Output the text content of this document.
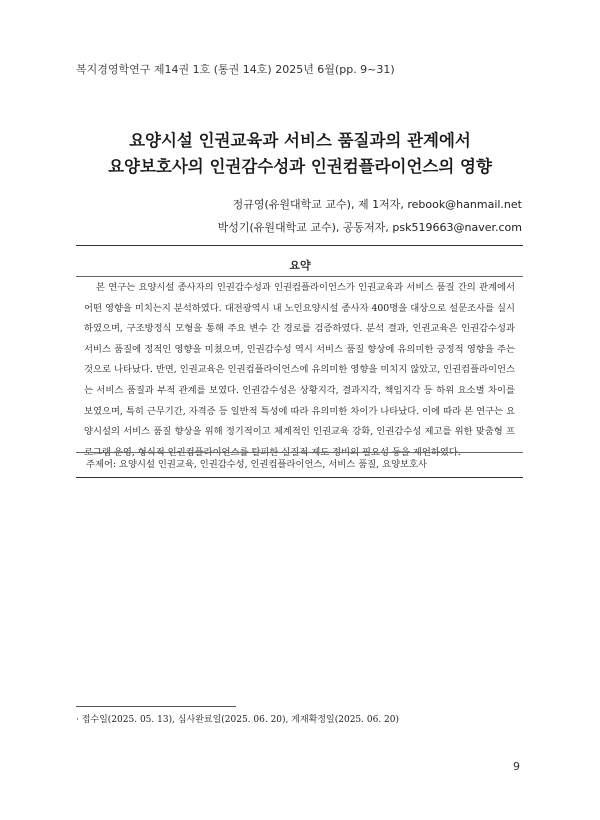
복지경영학연구 제14권 1호 (통권 14호) 2025년 6월(pp. 9~31)
요양시설 인권교육과 서비스 품질과의 관계에서
요양보호사의 인권감수성과 인권컴플라이언스의 영향
정규영(유원대학교 교수), 제 1저자, rebook@hanmail.net
박성기(유원대학교 교수), 공동저자, psk519663@naver.com
요약

본 연구는 요양시설 종사자의 인권감수성과 인권컴플라이언스가 인권교육과 서비스 품질 간의 관계에서 어떤 영향을 미치는지 분석하였다. 대전광역시 내 노인요양시설 종사자 400명을 대상으로 설문조사를 실시하였으며, 구조방정식 모형을 통해 주요 변수 간 경로를 검증하였다. 분석 결과, 인권교육은 인권감수성과 서비스 품질에 정적인 영향을 미쳤으며, 인권감수성 역시 서비스 품질 향상에 유의미한 긍정적 영향을 주는 것으로 나타났다. 반면, 인권교육은 인권컴플라이언스에 유의미한 영향을 미치지 않았고, 인권컴플라이언스는 서비스 품질과 부적 관계를 보였다. 인권감수성은 상황지각, 결과지각, 책임지각 등 하위 요소별 차이를 보였으며, 특히 근무기간, 자격증 등 일반적 특성에 따라 유의미한 차이가 나타났다. 이에 따라 본 연구는 요양시설의 서비스 품질 향상을 위해 정기적이고 체계적인 인권교육 강화, 인권감수성 제고를 위한 맞춤형 프로그램 운영, 형식적 인권컴플라이언스를 탈피한 실질적 제도 정비의 필요성 등을 제언하였다.

주제어: 요양시설 인권교육, 인권감수성, 인권컴플라이언스, 서비스 품질, 요양보호사
· 접수일(2025. 05. 13), 심사완료일(2025. 06. 20), 게재확정일(2025. 06. 20)
9
